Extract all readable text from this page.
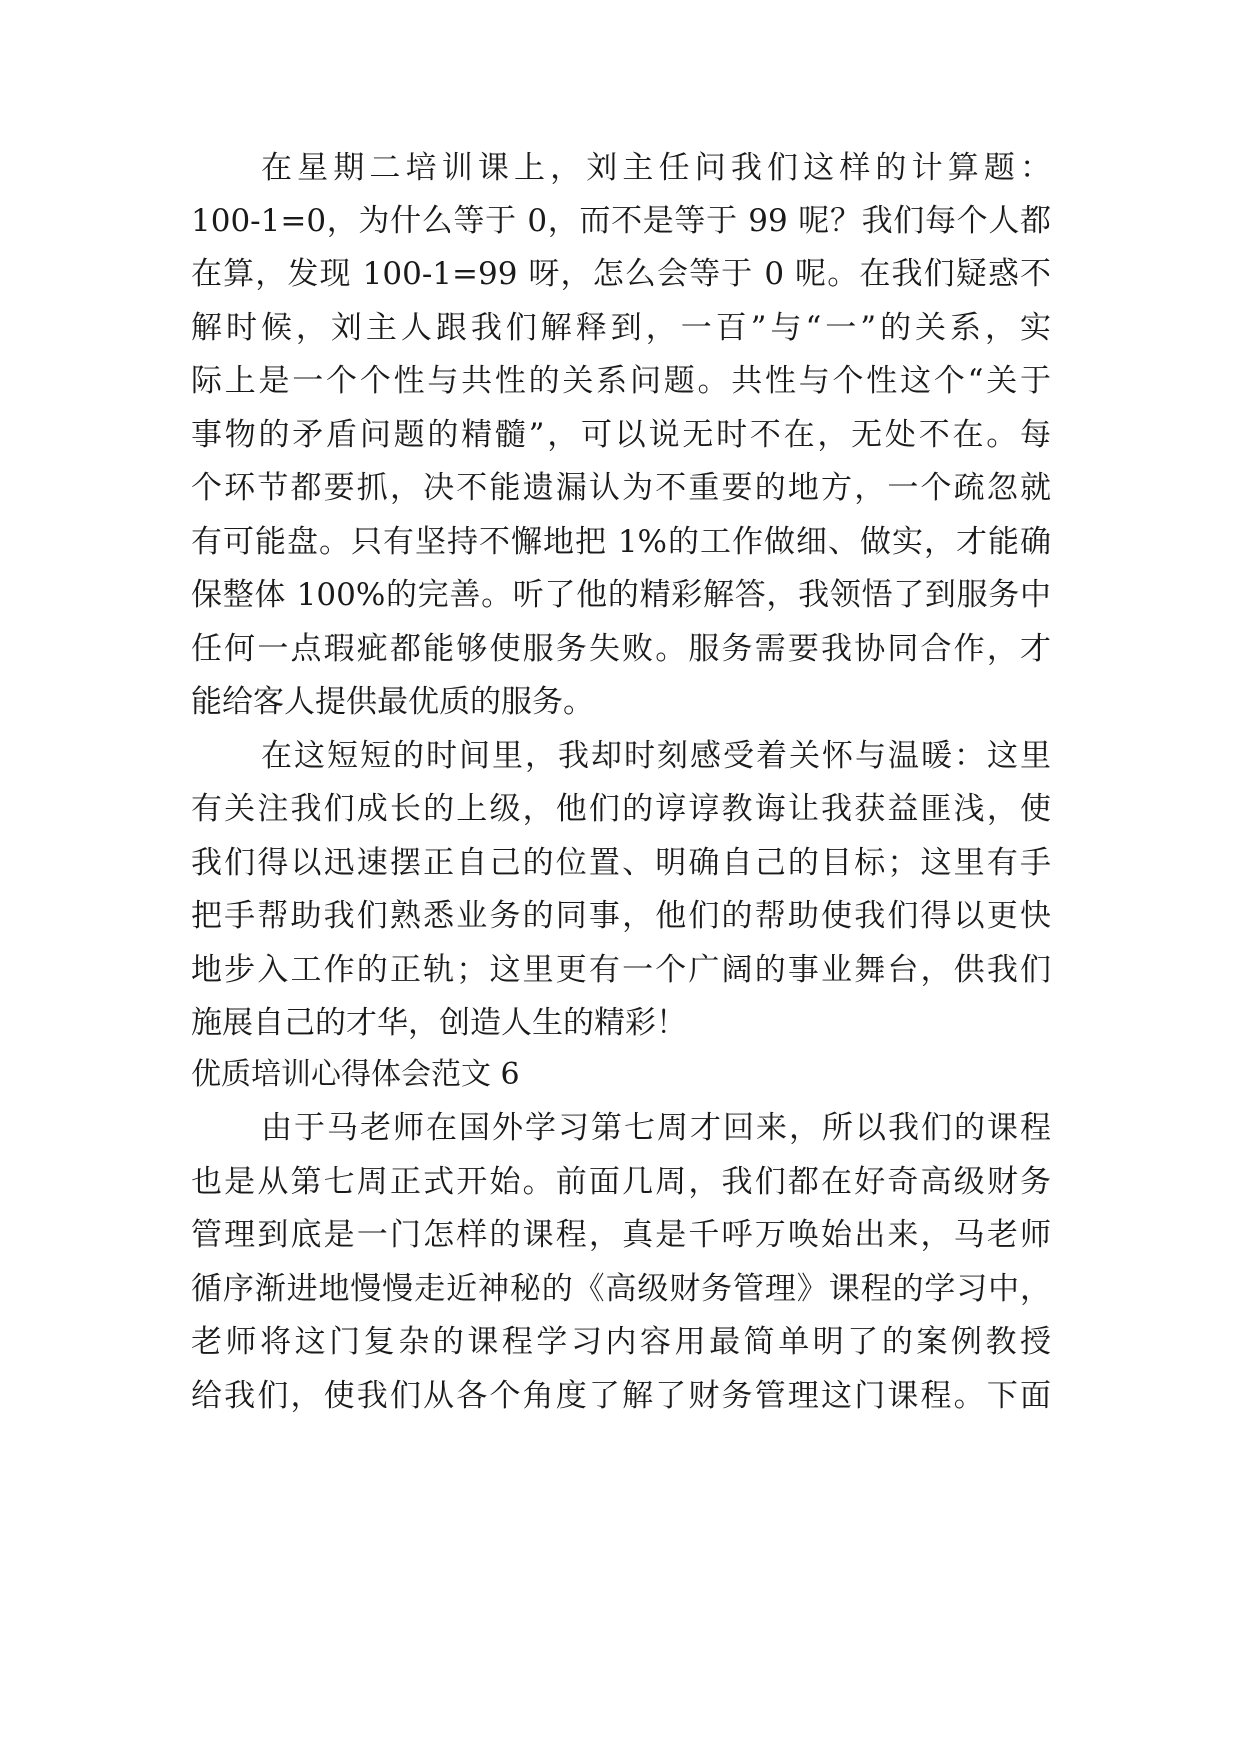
在星期二培训课上，刘主任问我们这样的计算题：
100-1=0，为什么等于 0，而不是等于 99 呢？我们每个人都
在算，发现 100-1=99 呀，怎么会等于 0 呢。在我们疑惑不
解时候，刘主人跟我们解释到，一百”与“一”的关系，实
际上是一个个性与共性的关系问题。共性与个性这个“关于
事物的矛盾问题的精髓”，可以说无时不在，无处不在。每
个环节都要抓，决不能遗漏认为不重要的地方，一个疏忽就
有可能盘。只有坚持不懈地把 1%的工作做细、做实，才能确
保整体 100%的完善。听了他的精彩解答，我领悟了到服务中
任何一点瑕疵都能够使服务失败。服务需要我协同合作，才
能给客人提供最优质的服务。
在这短短的时间里，我却时刻感受着关怀与温暖：这里
有关注我们成长的上级，他们的谆谆教诲让我获益匪浅，使
我们得以迅速摆正自己的位置、明确自己的目标；这里有手
把手帮助我们熟悉业务的同事，他们的帮助使我们得以更快
地步入工作的正轨；这里更有一个广阔的事业舞台，供我们
施展自己的才华，创造人生的精彩！
优质培训心得体会范文 6
由于马老师在国外学习第七周才回来，所以我们的课程
也是从第七周正式开始。前面几周，我们都在好奇高级财务
管理到底是一门怎样的课程，真是千呼万唤始出来，马老师
循序渐进地慢慢走近神秘的《高级财务管理》课程的学习中，
老师将这门复杂的课程学习内容用最简单明了的案例教授
给我们，使我们从各个角度了解了财务管理这门课程。下面
